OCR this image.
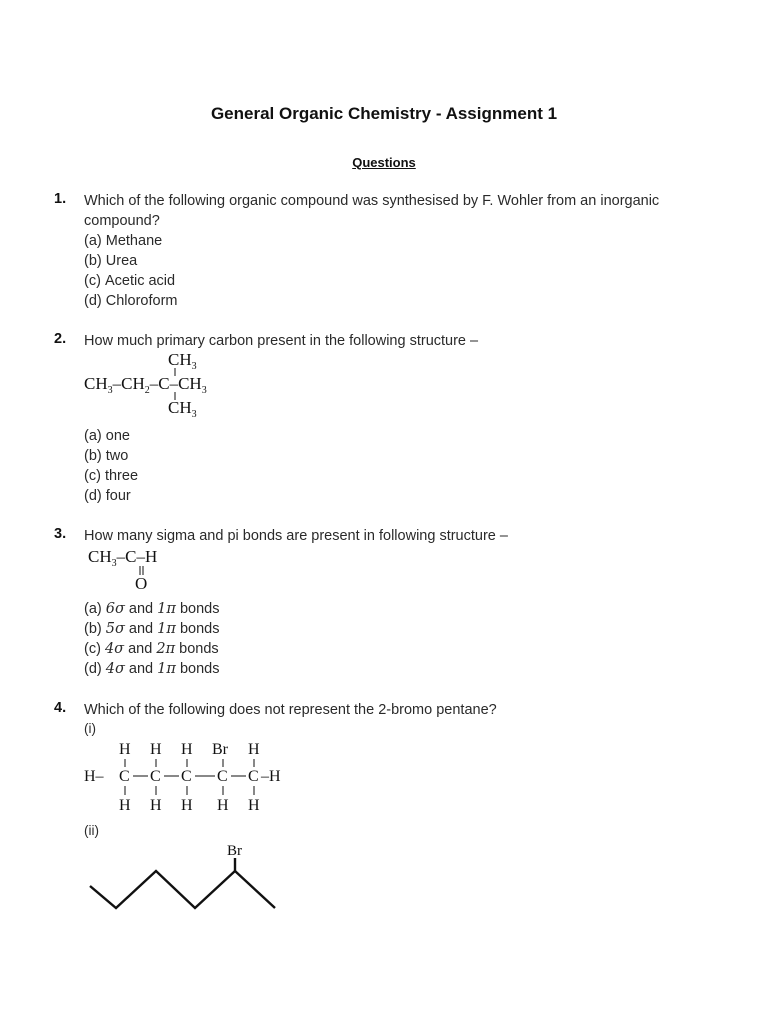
General Organic Chemistry - Assignment 1
Questions
1. Which of the following organic compound was synthesised by F. Wohler from an inorganic compound?
(a) Methane
(b) Urea
(c) Acetic acid
(d) Chloroform
2. How much primary carbon present in the following structure –
$CH_3$
$CH_3-CH_2-C-CH_3$
$CH_3$
(a) one
(b) two
(c) three
(d) four
3. How many sigma and pi bonds are present in following structure –
$CH_3-C-H$
O
(a) 6σ and 1π bonds
(b) 5σ and 1π bonds
(c) 4σ and 2π bonds
(d) 4σ and 1π bonds
4. Which of the following does not represent the 2-bromo pentane?
(i)
H H H Br H
H– C C C C C –H
H H H H H
(ii)
Br
